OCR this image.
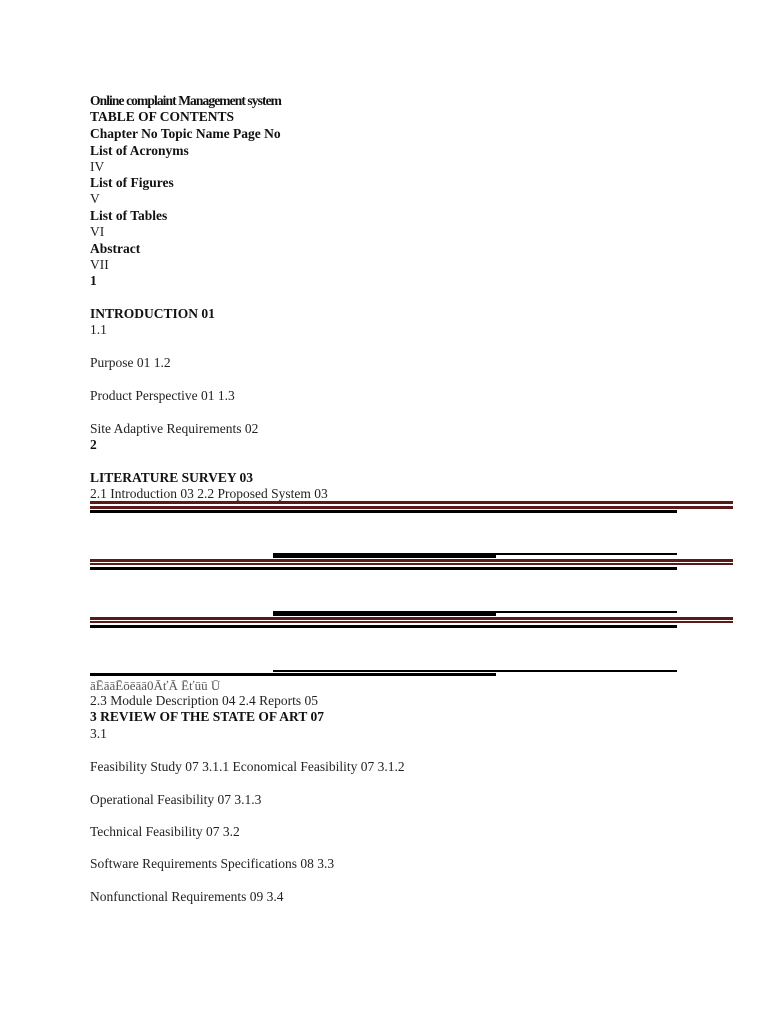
Online complaint Management system
TABLE OF CONTENTS
Chapter No Topic Name Page No
List of Acronyms
IV
List of Figures
V
List of Tables
VI
Abstract
VII
1
INTRODUCTION 01
1.1
Purpose 01 1.2
Product Perspective 01 1.3
Site Adaptive Requirements 02
2
LITERATURE SURVEY 03
2.1 Introduction 03 2.2 Proposed System 03
āĒāāĒōēāā0ĀťĀ Ēťūū Ū
2.3 Module Description 04 2.4 Reports 05
3 REVIEW OF THE STATE OF ART 07
3.1
Feasibility Study 07 3.1.1 Economical Feasibility 07 3.1.2
Operational Feasibility 07 3.1.3
Technical Feasibility 07 3.2
Software Requirements Specifications 08 3.3
Nonfunctional Requirements 09 3.4
